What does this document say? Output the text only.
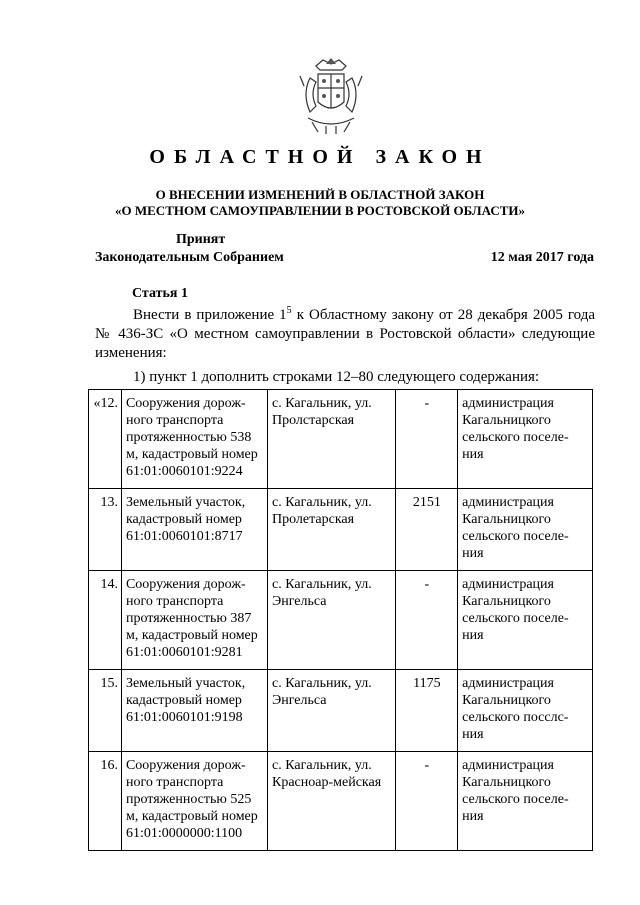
ОБЛАСТНОЙ ЗАКОН
О ВНЕСЕНИИ ИЗМЕНЕНИЙ В ОБЛАСТНОЙ ЗАКОН
«О МЕСТНОМ САМОУПРАВЛЕНИИ В РОСТОВСКОЙ ОБЛАСТИ»
Принят
Законодательным Собранием	12 мая 2017 года
Статья 1
Внести в приложение $1^5$ к Областному закону от 28 декабря 2005 года № 436-ЗС «О местном самоуправлении в Ростовской области» следующие изменения:
1) пункт 1 дополнить строками 12–80 следующего содержания:
«12.	Сооружения дорож-ного транспорта протяженностью 538 м, кадастровый номер 61:01:0060101:9224	с. Кагальник, ул. Пролстарская	-	администрация Кагальницкого сельского поселе-ния
13.	Земельный участок, кадастровый номер 61:01:0060101:8717	с. Кагальник, ул. Пролетарская	2151	администрация Кагальницкого сельского поселе-ния
14.	Сооружения дорож-ного транспорта протяженностью 387 м, кадастровый номер 61:01:0060101:9281	с. Кагальник, ул. Энгельса	-	администрация Кагальницкого сельского поселе-ния
15.	Земельный участок, кадастровый номер 61:01:0060101:9198	с. Кагальник, ул. Энгельса	1175	администрация Кагальницкого сельского посслс-ния
16.	Сооружения дорож-ного транспорта протяженностью 525 м, кадастровый номер 61:01:0000000:1100	с. Кагальник, ул. Красноар-мейская	-	администрация Кагальницкого сельского поселе-ния
